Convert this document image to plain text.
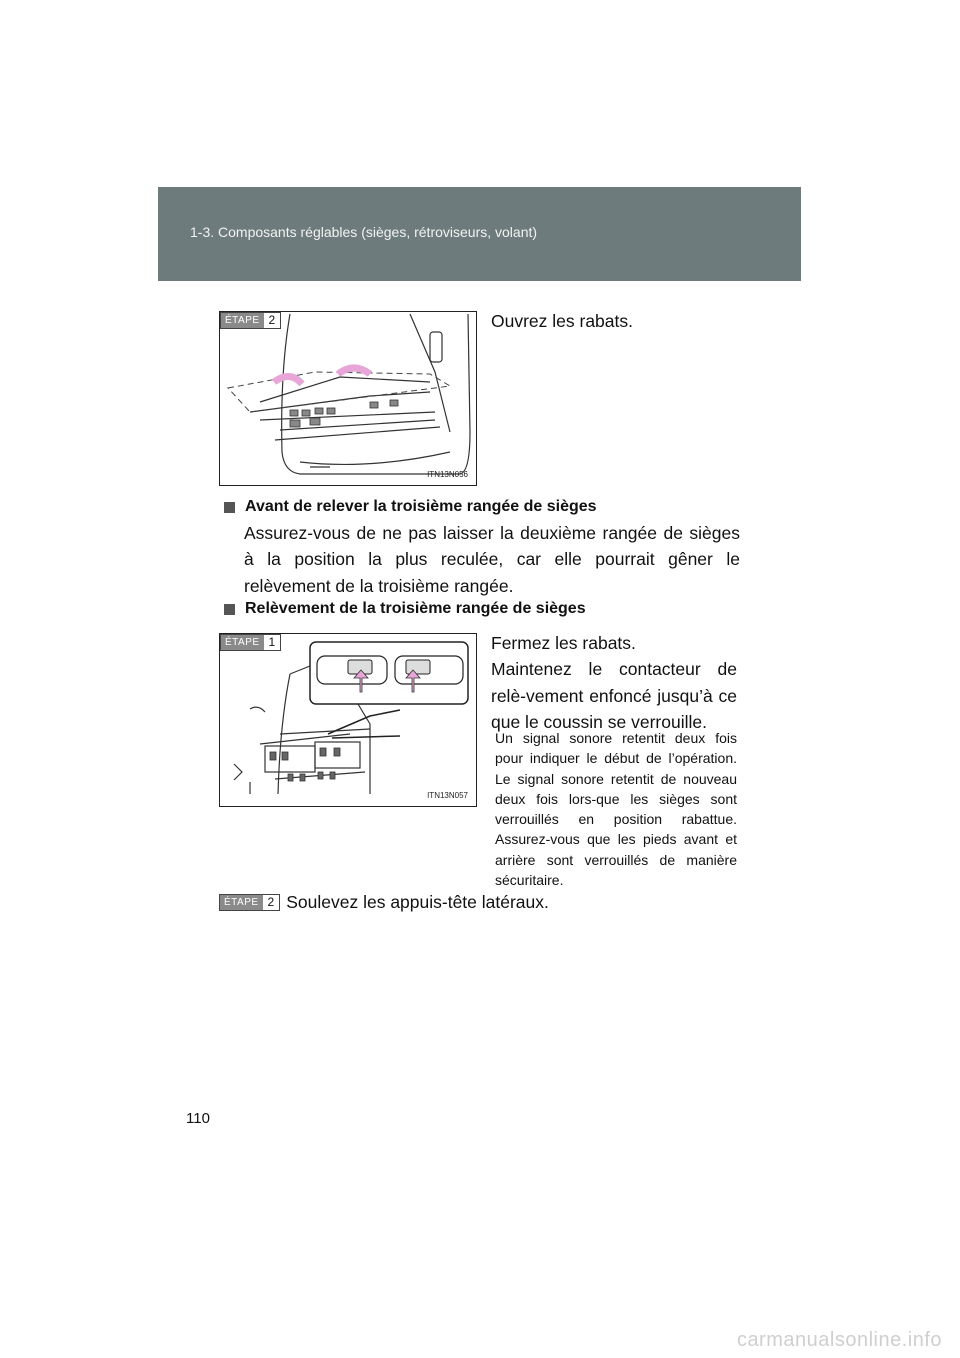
1-3. Composants réglables (sièges, rétroviseurs, volant)
ÉTAPE 2
ITN13N056
Ouvrez les rabats.
Avant de relever la troisième rangée de sièges
Assurez-vous de ne pas laisser la deuxième rangée de sièges à la position la plus reculée, car elle pourrait gêner le relèvement de la troisième rangée.
Relèvement de la troisième rangée de sièges
ÉTAPE 1
ITN13N057
Fermez les rabats.
Maintenez le contacteur de relè-vement enfoncé jusqu’à ce que le coussin se verrouille.
Un signal sonore retentit deux fois pour indiquer le début de l’opération. Le signal sonore retentit de nouveau deux fois lors-que les sièges sont verrouillés en position rabattue. Assurez-vous que les pieds avant et arrière sont verrouillés de manière sécuritaire.
ÉTAPE 2 Soulevez les appuis-tête latéraux.
110
carmanualsonline.info
